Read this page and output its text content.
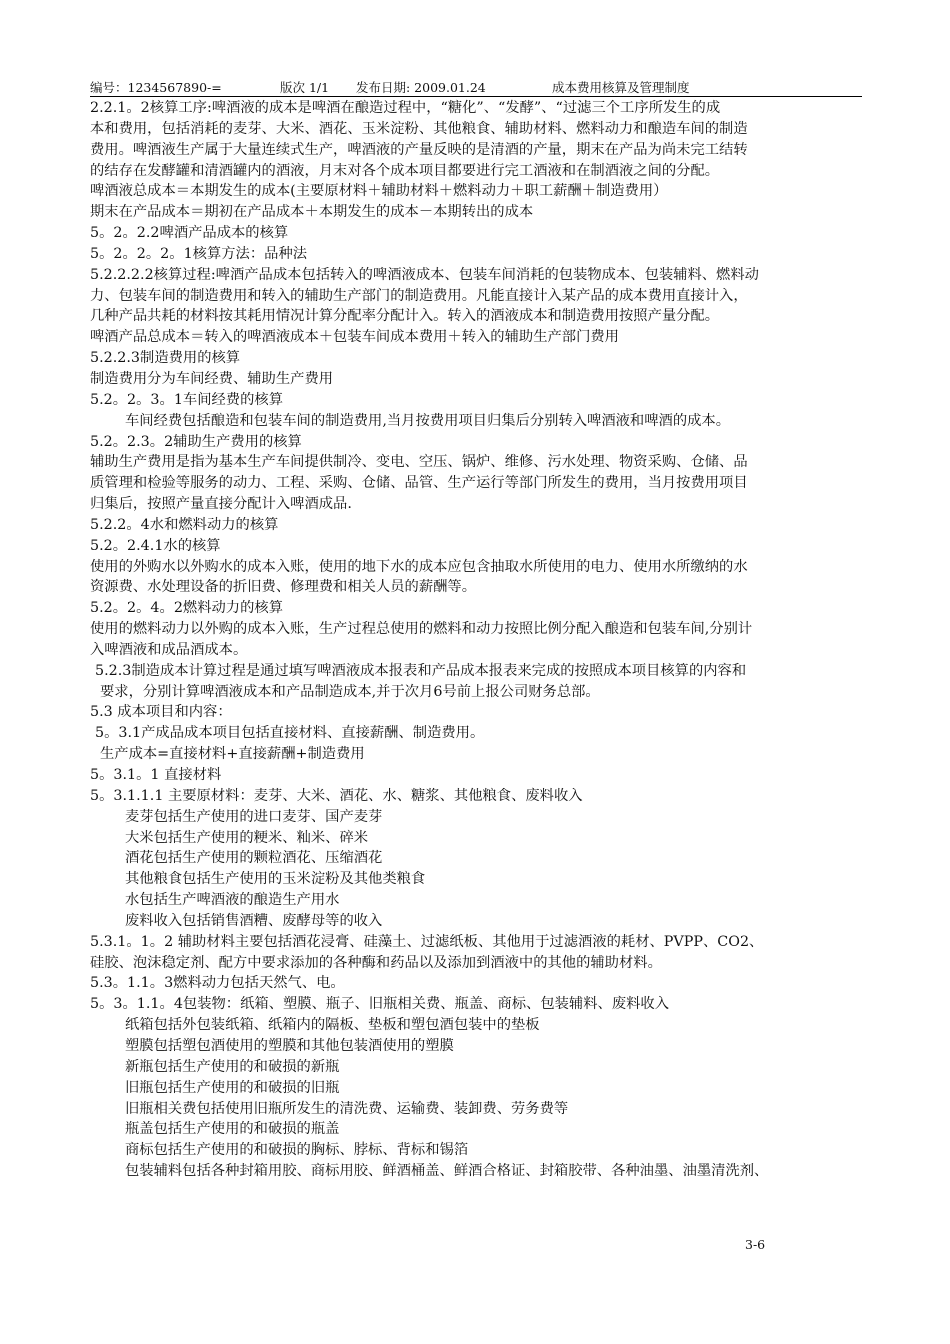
编号：1234567890-=	版次 1/1 发布日期: 2009.01.24	成本费用核算及管理制度
2.2.1。2核算工序:啤酒液的成本是啤酒在酿造过程中，“糖化”、“发酵”、“过滤三个工序所发生的成
本和费用，包括消耗的麦芽、大米、酒花、玉米淀粉、其他粮食、辅助材料、燃料动力和酿造车间的制造
费用。啤酒液生产属于大量连续式生产，啤酒液的产量反映的是清酒的产量，期末在产品为尚未完工结转
的结存在发酵罐和清酒罐内的酒液，月末对各个成本项目都要进行完工酒液和在制酒液之间的分配。
啤酒液总成本＝本期发生的成本(主要原材料＋辅助材料＋燃料动力＋职工薪酬＋制造费用）
期末在产品成本＝期初在产品成本＋本期发生的成本－本期转出的成本
5。2。2.2啤酒产品成本的核算
5。2。2。2。1核算方法：品种法
5.2.2.2.2核算过程:啤酒产品成本包括转入的啤酒液成本、包装车间消耗的包装物成本、包装辅料、燃料动
力、包装车间的制造费用和转入的辅助生产部门的制造费用。凡能直接计入某产品的成本费用直接计入，
几种产品共耗的材料按其耗用情况计算分配率分配计入。转入的酒液成本和制造费用按照产量分配。
啤酒产品总成本＝转入的啤酒液成本＋包装车间成本费用＋转入的辅助生产部门费用
5.2.2.3制造费用的核算
制造费用分为车间经费、辅助生产费用
5.2。2。3。1车间经费的核算
车间经费包括酿造和包装车间的制造费用,当月按费用项目归集后分别转入啤酒液和啤酒的成本。
5.2。2.3。2辅助生产费用的核算
辅助生产费用是指为基本生产车间提供制冷、变电、空压、锅炉、维修、污水处理、物资采购、仓储、品
质管理和检验等服务的动力、工程、采购、仓储、品管、生产运行等部门所发生的费用，当月按费用项目
归集后，按照产量直接分配计入啤酒成品.
5.2.2。4水和燃料动力的核算
5.2。2.4.1水的核算
使用的外购水以外购水的成本入账，使用的地下水的成本应包含抽取水所使用的电力、使用水所缴纳的水
资源费、水处理设备的折旧费、修理费和相关人员的薪酬等。
5.2。2。4。2燃料动力的核算
使用的燃料动力以外购的成本入账，生产过程总使用的燃料和动力按照比例分配入酿造和包装车间,分别计
入啤酒液和成品酒成本。
5.2.3制造成本计算过程是通过填写啤酒液成本报表和产品成本报表来完成的按照成本项目核算的内容和
要求，分别计算啤酒液成本和产品制造成本,并于次月6号前上报公司财务总部。
5.3 成本项目和内容：
5。3.1产成品成本项目包括直接材料、直接薪酬、制造费用。
生产成本=直接材料+直接薪酬+制造费用
5。3.1。1 直接材料
5。3.1.1.1 主要原材料：麦芽、大米、酒花、水、糖浆、其他粮食、废料收入
麦芽包括生产使用的进口麦芽、国产麦芽
大米包括生产使用的粳米、籼米、碎米
酒花包括生产使用的颗粒酒花、压缩酒花
其他粮食包括生产使用的玉米淀粉及其他类粮食
水包括生产啤酒液的酿造生产用水
废料收入包括销售酒糟、废酵母等的收入
5.3.1。1。2 辅助材料主要包括酒花浸膏、硅藻土、过滤纸板、其他用于过滤酒液的耗材、PVPP、CO2、
硅胶、泡沫稳定剂、配方中要求添加的各种酶和药品以及添加到酒液中的其他的辅助材料。
5.3。1.1。3燃料动力包括天然气、电。
5。3。1.1。4包装物：纸箱、塑膜、瓶子、旧瓶相关费、瓶盖、商标、包装辅料、废料收入
纸箱包括外包装纸箱、纸箱内的隔板、垫板和塑包酒包装中的垫板
塑膜包括塑包酒使用的塑膜和其他包装酒使用的塑膜
新瓶包括生产使用的和破损的新瓶
旧瓶包括生产使用的和破损的旧瓶
旧瓶相关费包括使用旧瓶所发生的清洗费、运输费、装卸费、劳务费等
瓶盖包括生产使用的和破损的瓶盖
商标包括生产使用的和破损的胸标、脖标、背标和锡箔
包装辅料包括各种封箱用胶、商标用胶、鲜酒桶盖、鲜酒合格证、封箱胶带、各种油墨、油墨清洗剂、
3-6
